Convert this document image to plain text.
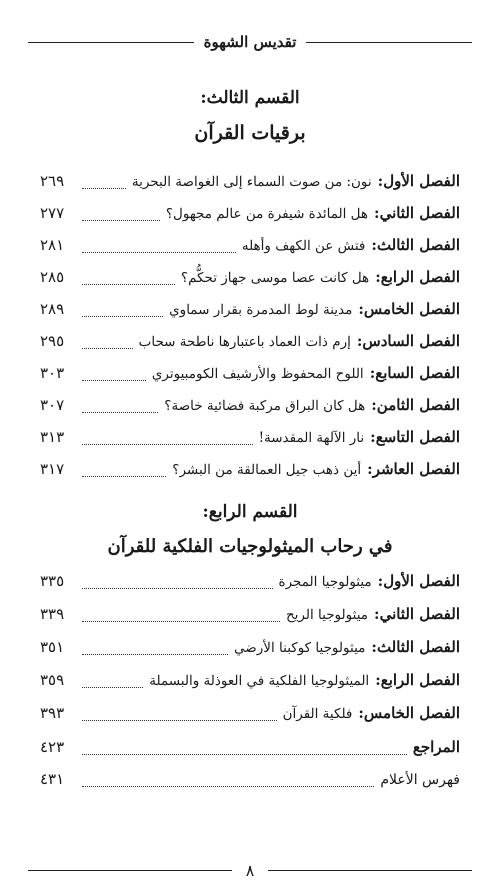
تقديس الشهوة
القسم الثالث:
برقيات القرآن
الفصل الأول
:
نون: من صوت السماء إلى الغواصة البحرية
٢٦٩
الفصل الثاني
:
هل المائدة شيفرة من عالم مجهول؟
٢٧٧
الفصل الثالث
:
فتش عن الكهف وأهله
٢٨١
الفصل الرابع
:
هل كانت عصا موسى جهاز تحكُّم؟
٢٨٥
الفصل الخامس
:
مدينة لوط المدمرة بقرار سماوي
٢٨٩
الفصل السادس
:
إرم ذات العماد باعتبارها ناطحة سحاب
٢٩٥
الفصل السابع
:
اللوح المحفوظ والأرشيف الكومبيوتري
٣٠٣
الفصل الثامن
:
هل كان البراق مركبة فضائية خاصة؟
٣٠٧
الفصل التاسع
:
نار الآلهة المقدسة!
٣١٣
الفصل العاشر
:
أين ذهب جيل العمالقة من البشر؟
٣١٧
القسم الرابع:
في رحاب الميثولوجيات الفلكية للقرآن
الفصل الأول
:
ميثولوجيا المجرة
٣٣٥
الفصل الثاني
:
ميثولوجيا الريح
٣٣٩
الفصل الثالث
:
ميثولوجيا كوكبنا الأرضي
٣٥١
الفصل الرابع
:
الميثولوجيا الفلكية في العوذلة والبسملة
٣٥٩
الفصل الخامس
:
فلكية القرآن
٣٩٣
المراجع
٤٢٣
فهرس الأعلام
٤٣١
٨
